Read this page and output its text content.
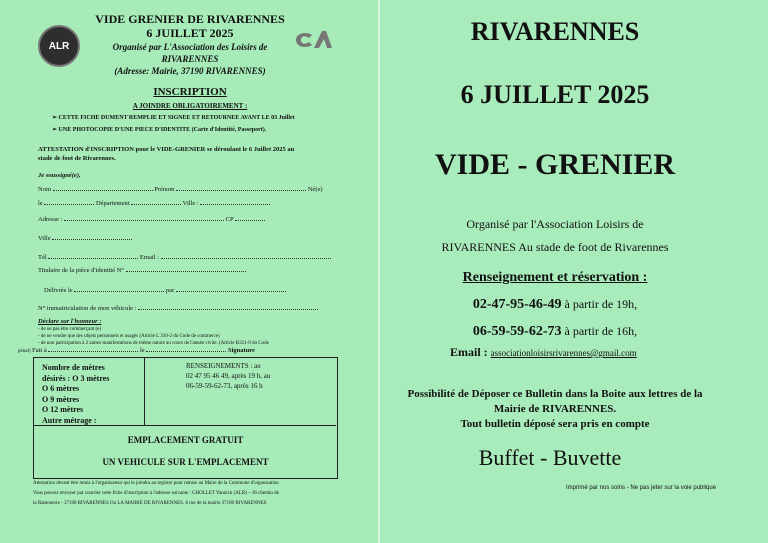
ALR
VIDE GRENIER DE RIVARENNES
6 JUILLET 2025
Organisé par L'Association des Loisirs de
RIVARENNES
(Adresse: Mairie, 37190 RIVARENNES)
INSCRIPTION
A JOINDRE OBLIGATOIREMENT :
➢ CETTE FICHE DUMENT REMPLIE ET SIGNEE ET RETOURNEE AVANT LE 03 Juillet
➢ UNE PHOTOCOPIE D'UNE PIECE D'IDENTITE (Carte d'Identité, Passeport).
ATTESTATION d'INSCRIPTION pour le VIDE-GRENIER se déroulant le 6 Juillet 2025 au
stade de foot de Rivarennes.
Je soussigné(e),
Nom	Prénom	Né(e)
le	Département	Ville :
Adresse :	CP
Ville
Tél	Email :
Titulaire de la pièce d'identité N°
Délivrée le	par
N° immatriculation de mon véhicule :
Déclare sur l'honneur :
- de ne pas être commerçant (e)
- de ne vendre que des objets personnels et usagés (Article L 310-2 du Code de commerce)
- de non participation à 2 autres manifestations de même nature au cours de l'année civile. (Article R321-9 du Code
pénal) Fait à	le	Signature
Nombre de mètres
désirés : O 3 mètres
O 6 mètres
O 9 mètres
O 12 mètres
Autre métrage :
RENSEIGNEMENTS : au
02 47 95 46 49, après 19 h, au
06-59-59-62-73, après 16 h
EMPLACEMENT GRATUIT
UN VEHICULE SUR L'EMPLACEMENT
Attestation devant être remis à l'organisateur qui le joindra au registre pour remise au Maire de la Commune d'organisation
Vous pouvez envoyer par courrier cette fiche d'inscription à l'adresse suivante : CHOLLET Yannick (ALR) – 36 chemin de
la Ramonerie - 37190 RIVARENNES Ou LA MAIRIE DE RIVARENNES. 8 rue de la mairie 37190 RIVARENNES
RIVARENNES
6 JUILLET 2025
VIDE - GRENIER
Organisé par l'Association Loisirs de
RIVARENNES Au stade de foot de Rivarennes
Renseignement et réservation :
02-47-95-46-49 à partir de 19h,
06-59-59-62-73 à partir de 16h,
Email : associationloisirsrivarennes@gmail.com
Possibilité de Déposer ce Bulletin dans la Boite aux lettres de la
Mairie de RIVARENNES.
Tout bulletin déposé sera pris en compte
Buffet - Buvette
Imprimé par nos soins - Ne pas jeter sur la voie publique
